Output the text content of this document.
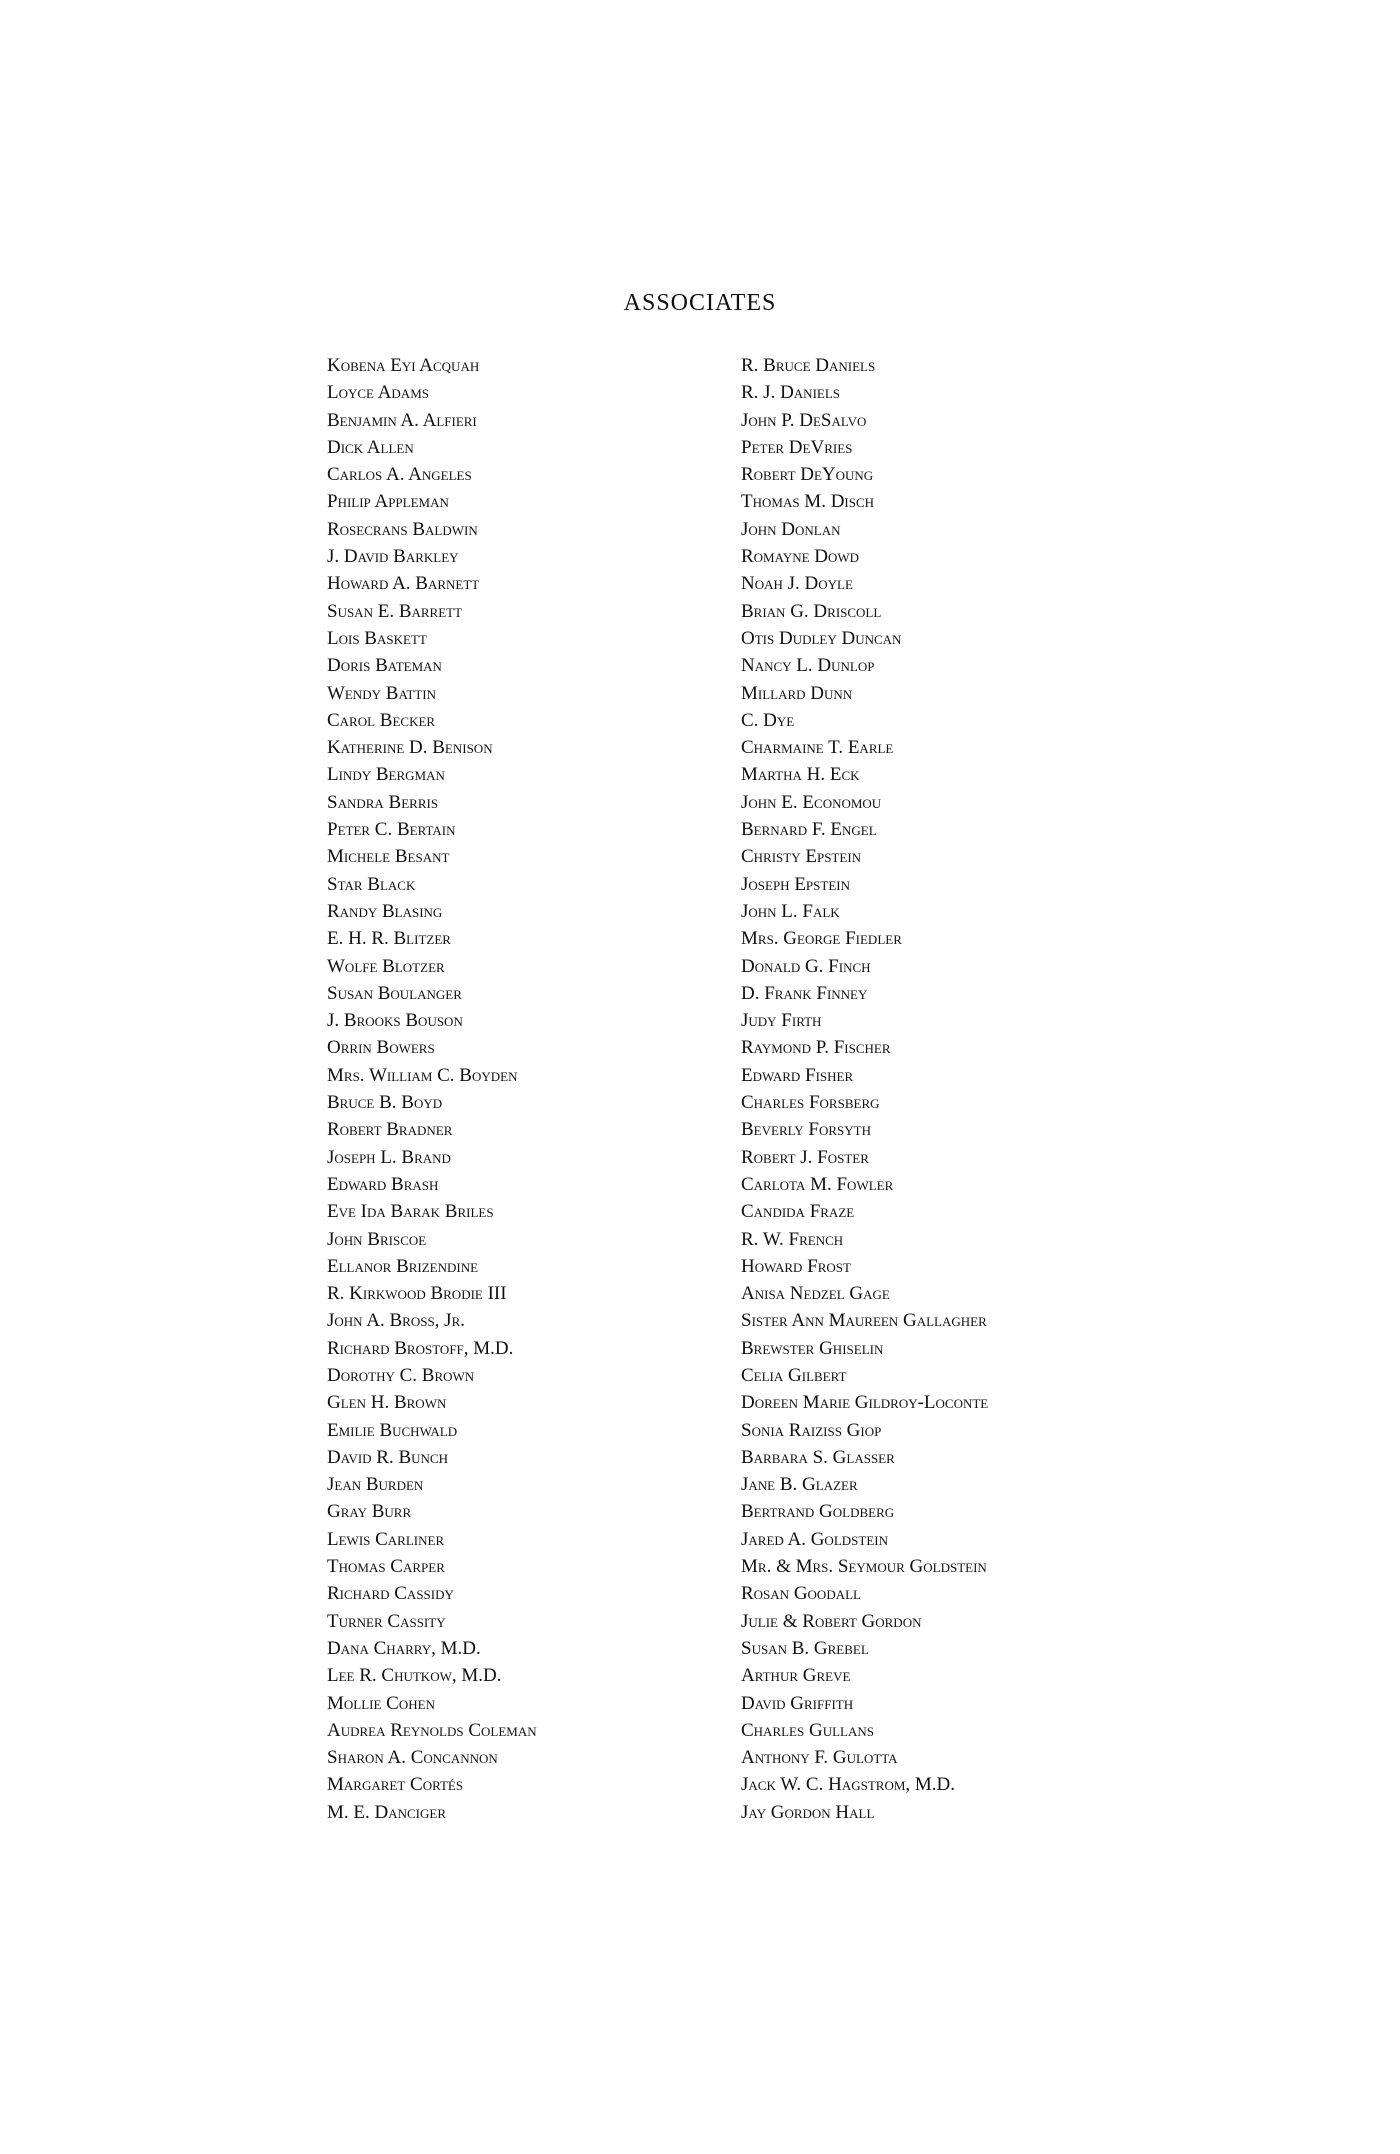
ASSOCIATES
Kobena Eyi Acquah
Loyce Adams
Benjamin A. Alfieri
Dick Allen
Carlos A. Angeles
Philip Appleman
Rosecrans Baldwin
J. David Barkley
Howard A. Barnett
Susan E. Barrett
Lois Baskett
Doris Bateman
Wendy Battin
Carol Becker
Katherine D. Benison
Lindy Bergman
Sandra Berris
Peter C. Bertain
Michele Besant
Star Black
Randy Blasing
E. H. R. Blitzer
Wolfe Blotzer
Susan Boulanger
J. Brooks Bouson
Orrin Bowers
Mrs. William C. Boyden
Bruce B. Boyd
Robert Bradner
Joseph L. Brand
Edward Brash
Eve Ida Barak Briles
John Briscoe
Ellanor Brizendine
R. Kirkwood Brodie III
John A. Bross, Jr.
Richard Brostoff, M.D.
Dorothy C. Brown
Glen H. Brown
Emilie Buchwald
David R. Bunch
Jean Burden
Gray Burr
Lewis Carliner
Thomas Carper
Richard Cassidy
Turner Cassity
Dana Charry, M.D.
Lee R. Chutkow, M.D.
Mollie Cohen
Audrea Reynolds Coleman
Sharon A. Concannon
Margaret Cortés
M. E. Danciger
R. Bruce Daniels
R. J. Daniels
John P. DeSalvo
Peter DeVries
Robert DeYoung
Thomas M. Disch
John Donlan
Romayne Dowd
Noah J. Doyle
Brian G. Driscoll
Otis Dudley Duncan
Nancy L. Dunlop
Millard Dunn
C. Dye
Charmaine T. Earle
Martha H. Eck
John E. Economou
Bernard F. Engel
Christy Epstein
Joseph Epstein
John L. Falk
Mrs. George Fiedler
Donald G. Finch
D. Frank Finney
Judy Firth
Raymond P. Fischer
Edward Fisher
Charles Forsberg
Beverly Forsyth
Robert J. Foster
Carlota M. Fowler
Candida Fraze
R. W. French
Howard Frost
Anisa Nedzel Gage
Sister Ann Maureen Gallagher
Brewster Ghiselin
Celia Gilbert
Doreen Marie Gildroy-Loconte
Sonia Raiziss Giop
Barbara S. Glasser
Jane B. Glazer
Bertrand Goldberg
Jared A. Goldstein
Mr. & Mrs. Seymour Goldstein
Rosan Goodall
Julie & Robert Gordon
Susan B. Grebel
Arthur Greve
David Griffith
Charles Gullans
Anthony F. Gulotta
Jack W. C. Hagstrom, M.D.
Jay Gordon Hall
